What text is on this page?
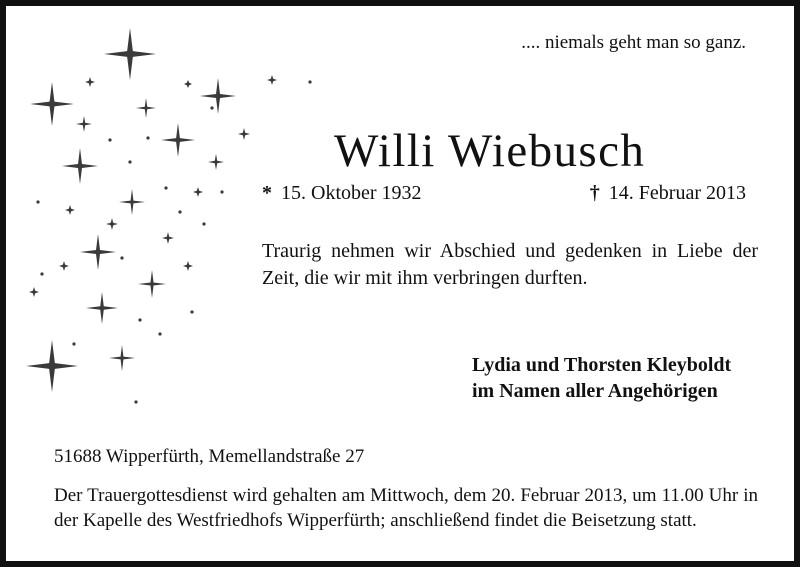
.... niemals geht man so ganz.
Willi Wiebusch
* 15. Oktober 1932	† 14. Februar 2013
Traurig nehmen wir Abschied und gedenken in Liebe der Zeit, die wir mit ihm verbringen durften.
Lydia und Thorsten Kleyboldt
im Namen aller Angehörigen
51688 Wipperfürth, Memellandstraße 27
Der Trauergottesdienst wird gehalten am Mittwoch, dem 20. Februar 2013, um 11.00 Uhr in der Kapelle des Westfriedhofs Wipperfürth; anschließend findet die Beisetzung statt.
